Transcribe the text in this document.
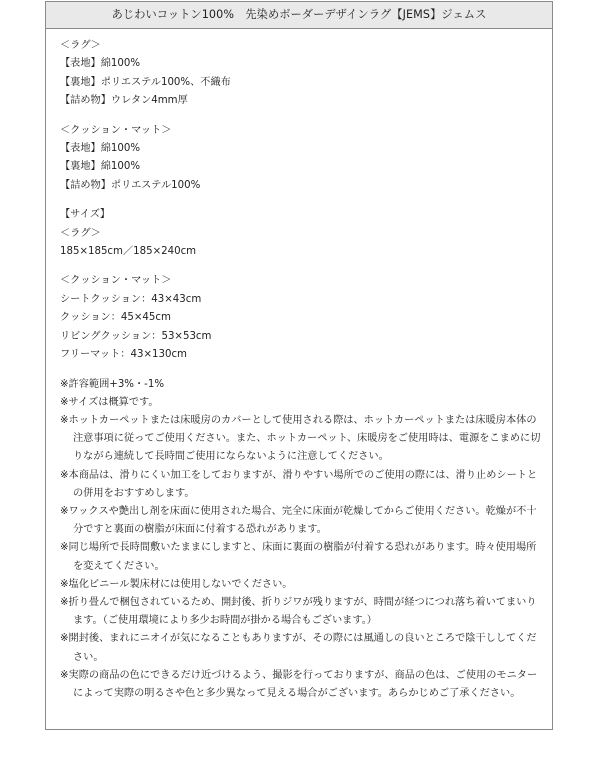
あじわいコットン100%　先染めボーダーデザインラグ【JEMS】ジェムス
＜ラグ＞
【表地】綿100%
【裏地】ポリエステル100%、不織布
【詰め物】ウレタン4mm厚
＜クッション・マット＞
【表地】綿100%
【裏地】綿100%
【詰め物】ポリエステル100%
【サイズ】
＜ラグ＞
185×185cm／185×240cm
＜クッション・マット＞
シートクッション：43×43cm
クッション：45×45cm
リビングクッション：53×53cm
フリーマット：43×130cm
※許容範囲+3%・-1%
※サイズは概算です。
※ホットカーペットまたは床暖房のカバーとして使用される際は、ホットカーペットまたは床暖房本体の注意事項に従ってご使用ください。また、ホットカーペット、床暖房をご使用時は、電源をこまめに切りながら連続して長時間ご使用にならないように注意してください。
※本商品は、滑りにくい加工をしておりますが、滑りやすい場所でのご使用の際には、滑り止めシートとの併用をおすすめします。
※ワックスや艶出し剤を床面に使用された場合、完全に床面が乾燥してからご使用ください。乾燥が不十分ですと裏面の樹脂が床面に付着する恐れがあります。
※同じ場所で長時間敷いたままにしますと、床面に裏面の樹脂が付着する恐れがあります。時々使用場所を変えてください。
※塩化ビニール製床材には使用しないでください。
※折り畳んで梱包されているため、開封後、折りジワが残りますが、時間が経つにつれ落ち着いてまいります。（ご使用環境により多少お時間が掛かる場合もございます。）
※開封後、まれにニオイが気になることもありますが、その際には風通しの良いところで陰干ししてください。
※実際の商品の色にできるだけ近づけるよう、撮影を行っておりますが、商品の色は、ご使用のモニターによって実際の明るさや色と多少異なって見える場合がございます。あらかじめご了承ください。
